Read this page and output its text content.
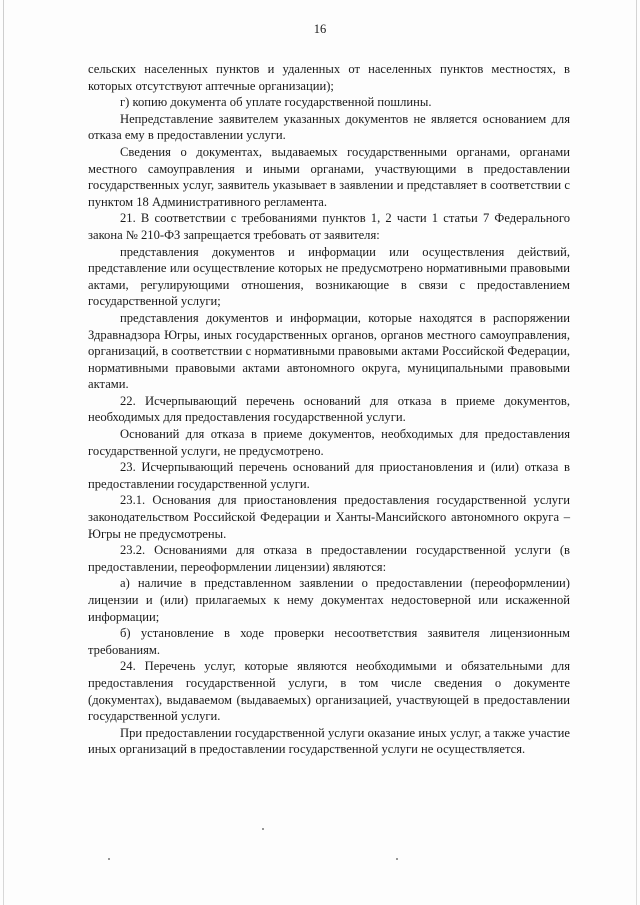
16

сельских населенных пунктов и удаленных от населенных пунктов местностях, в которых отсутствуют аптечные организации);

г) копию документа об уплате государственной пошлины.

Непредставление заявителем указанных документов не является основанием для отказа ему в предоставлении услуги.

Сведения о документах, выдаваемых государственными органами, органами местного самоуправления и иными органами, участвующими в предоставлении государственных услуг, заявитель указывает в заявлении и представляет в соответствии с пунктом 18 Административного регламента.

21. В соответствии с требованиями пунктов 1, 2 части 1 статьи 7 Федерального закона № 210-ФЗ запрещается требовать от заявителя:

представления документов и информации или осуществления действий, представление или осуществление которых не предусмотрено нормативными правовыми актами, регулирующими отношения, возникающие в связи с предоставлением государственной услуги;

представления документов и информации, которые находятся в распоряжении Здравнадзора Югры, иных государственных органов, органов местного самоуправления, организаций, в соответствии с нормативными правовыми актами Российской Федерации, нормативными правовыми актами автономного округа, муниципальными правовыми актами.

22. Исчерпывающий перечень оснований для отказа в приеме документов, необходимых для предоставления государственной услуги.

Оснований для отказа в приеме документов, необходимых для предоставления государственной услуги, не предусмотрено.

23. Исчерпывающий перечень оснований для приостановления и (или) отказа в предоставлении государственной услуги.

23.1. Основания для приостановления предоставления государственной услуги законодательством Российской Федерации и Ханты-Мансийского автономного округа – Югры не предусмотрены.

23.2. Основаниями для отказа в предоставлении государственной услуги (в предоставлении, переоформлении лицензии) являются:

а) наличие в представленном заявлении о предоставлении (переоформлении) лицензии и (или) прилагаемых к нему документах недостоверной или искаженной информации;

б) установление в ходе проверки несоответствия заявителя лицензионным требованиям.

24. Перечень услуг, которые являются необходимыми и обязательными для предоставления государственной услуги, в том числе сведения о документе (документах), выдаваемом (выдаваемых) организацией, участвующей в предоставлении государственной услуги.

При предоставлении государственной услуги оказание иных услуг, а также участие иных организаций в предоставлении государственной услуги не осуществляется.
